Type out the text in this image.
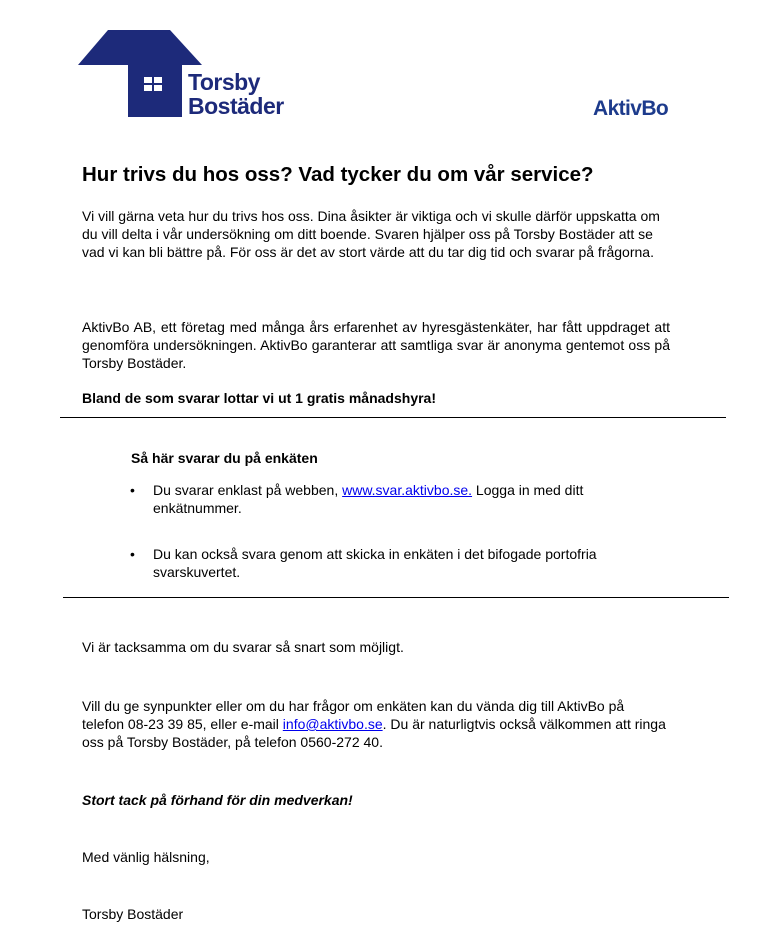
Torsby
Bostäder	AktivBo
Hur trivs du hos oss? Vad tycker du om vår service?

Vi vill gärna veta hur du trivs hos oss. Dina åsikter är viktiga och vi skulle därför uppskatta om du vill delta i vår undersökning om ditt boende. Svaren hjälper oss på Torsby Bostäder att se vad vi kan bli bättre på. För oss är det av stort värde att du tar dig tid och svarar på frågorna.

AktivBo AB, ett företag med många års erfarenhet av hyresgästenkäter, har fått uppdraget att genomföra undersökningen. AktivBo garanterar att samtliga svar är anonyma gentemot oss på Torsby Bostäder.

Bland de som svarar lottar vi ut 1 gratis månadshyra!

Så här svarar du på enkäten
• Du svarar enklast på webben, www.svar.aktivbo.se. Logga in med ditt enkätnummer.
• Du kan också svara genom att skicka in enkäten i det bifogade portofria svarskuvertet.

Vi är tacksamma om du svarar så snart som möjligt.

Vill du ge synpunkter eller om du har frågor om enkäten kan du vända dig till AktivBo på telefon 08-23 39 85, eller e-mail info@aktivbo.se. Du är naturligtvis också välkommen att ringa oss på Torsby Bostäder, på telefon 0560-272 40.

Stort tack på förhand för din medverkan!

Med vänlig hälsning,

Torsby Bostäder
